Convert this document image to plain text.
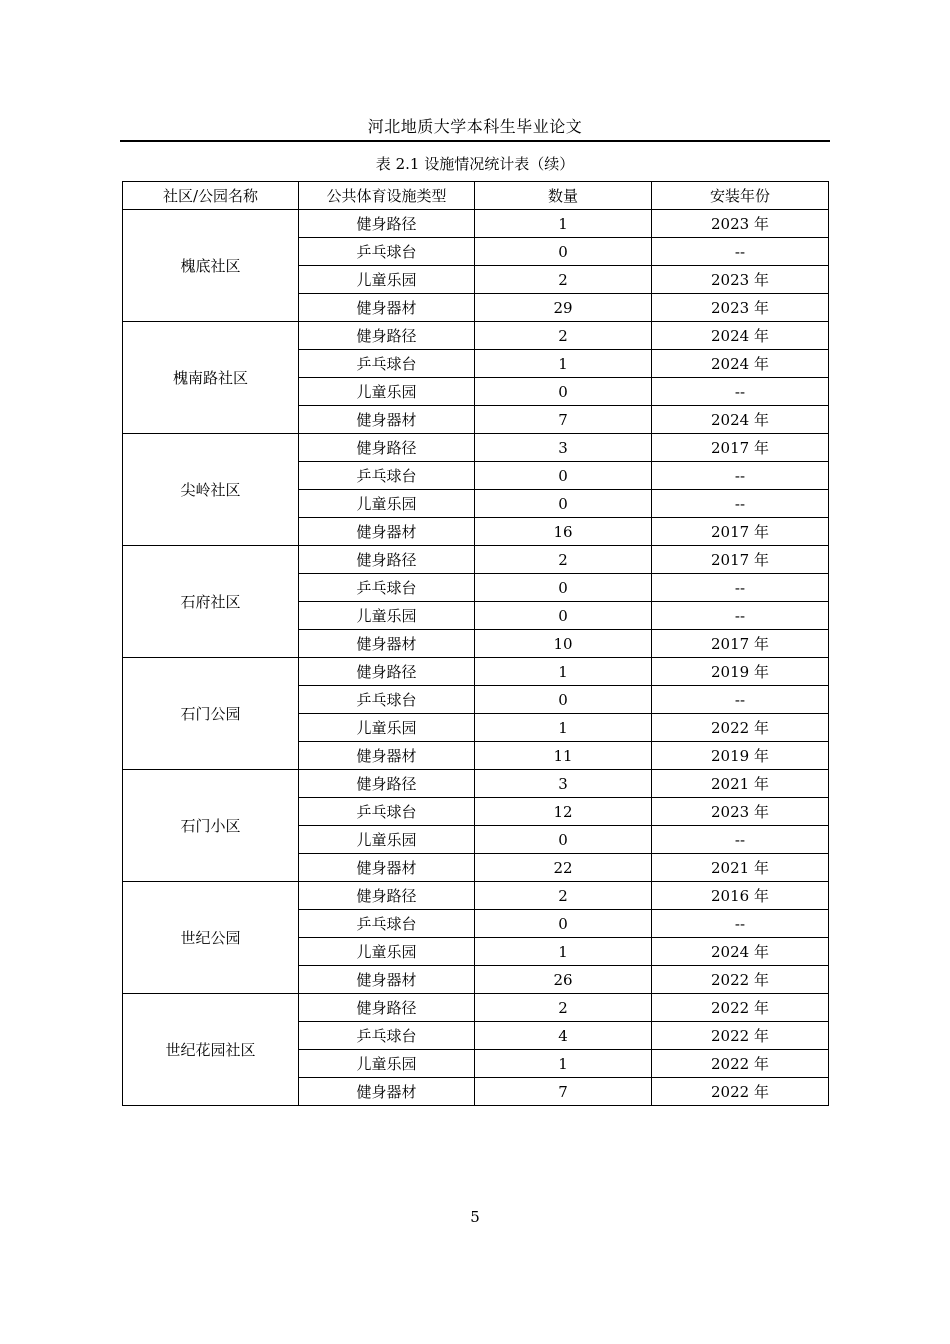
河北地质大学本科生毕业论文
表 2.1 设施情况统计表（续）
社区/公园名称	公共体育设施类型	数量	安装年份
槐底社区	健身路径	1	2023 年
	乒乓球台	0	--
	儿童乐园	2	2023 年
	健身器材	29	2023 年
槐南路社区	健身路径	2	2024 年
	乒乓球台	1	2024 年
	儿童乐园	0	--
	健身器材	7	2024 年
尖岭社区	健身路径	3	2017 年
	乒乓球台	0	--
	儿童乐园	0	--
	健身器材	16	2017 年
石府社区	健身路径	2	2017 年
	乒乓球台	0	--
	儿童乐园	0	--
	健身器材	10	2017 年
石门公园	健身路径	1	2019 年
	乒乓球台	0	--
	儿童乐园	1	2022 年
	健身器材	11	2019 年
石门小区	健身路径	3	2021 年
	乒乓球台	12	2023 年
	儿童乐园	0	--
	健身器材	22	2021 年
世纪公园	健身路径	2	2016 年
	乒乓球台	0	--
	儿童乐园	1	2024 年
	健身器材	26	2022 年
世纪花园社区	健身路径	2	2022 年
	乒乓球台	4	2022 年
	儿童乐园	1	2022 年
	健身器材	7	2022 年
5
